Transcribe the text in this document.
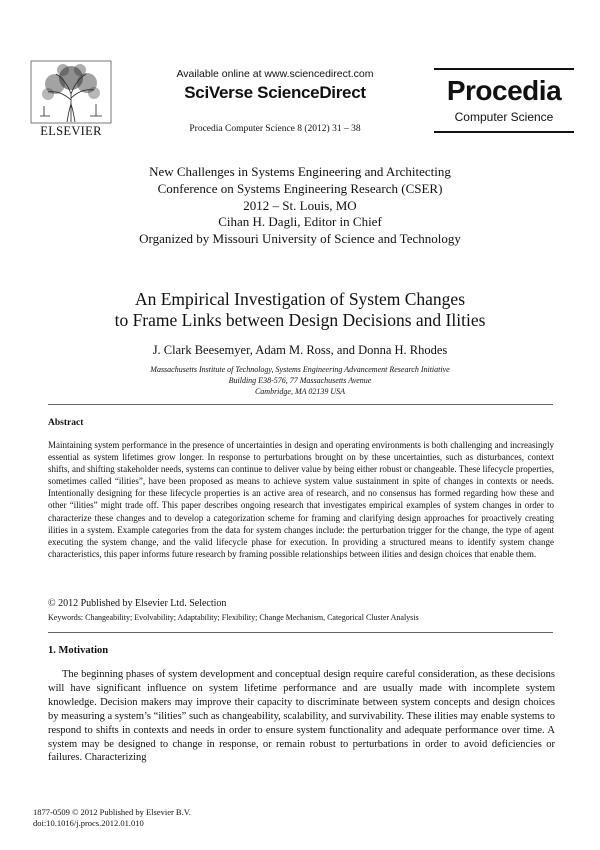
ELSEVIER
Available online at www.sciencedirect.com
SciVerse ScienceDirect
Procedia Computer Science 8 (2012) 31 – 38
Procedia
Computer Science
New Challenges in Systems Engineering and Architecting
Conference on Systems Engineering Research (CSER)
2012 – St. Louis, MO
Cihan H. Dagli, Editor in Chief
Organized by Missouri University of Science and Technology
An Empirical Investigation of System Changes
to Frame Links between Design Decisions and Ilities
J. Clark Beesemyer, Adam M. Ross, and Donna H. Rhodes
Massachusetts Institute of Technology, Systems Engineering Advancement Research Initiative
Building E38-576, 77 Massachusetts Avenue
Cambridge, MA 02139 USA
Abstract
Maintaining system performance in the presence of uncertainties in design and operating environments is both challenging and increasingly essential as system lifetimes grow longer. In response to perturbations brought on by these uncertainties, such as disturbances, context shifts, and shifting stakeholder needs, systems can continue to deliver value by being either robust or changeable. These lifecycle properties, sometimes called “ilities”, have been proposed as means to achieve system value sustainment in spite of changes in contexts or needs. Intentionally designing for these lifecycle properties is an active area of research, and no consensus has formed regarding how these and other “ilities” might trade off. This paper describes ongoing research that investigates empirical examples of system changes in order to characterize these changes and to develop a categorization scheme for framing and clarifying design approaches for proactively creating ilities in a system. Example categories from the data for system changes include: the perturbation trigger for the change, the type of agent executing the system change, and the valid lifecycle phase for execution. In providing a structured means to identify system change characteristics, this paper informs future research by framing possible relationships between ilities and design choices that enable them.
© 2012 Published by Elsevier Ltd. Selection
Keywords: Changeability; Evolvability; Adaptability; Flexibility; Change Mechanism, Categorical Cluster Analysis
1. Motivation

The beginning phases of system development and conceptual design require careful consideration, as these decisions will have significant influence on system lifetime performance and are usually made with incomplete system knowledge. Decision makers may improve their capacity to discriminate between system concepts and design choices by measuring a system’s “ilities” such as changeability, scalability, and survivability. These ilities may enable systems to respond to shifts in contexts and needs in order to ensure system functionality and adequate performance over time. A system may be designed to change in response, or remain robust to perturbations in order to avoid deficiencies or failures. Characterizing

1877-0509 © 2012 Published by Elsevier B.V.
doi:10.1016/j.procs.2012.01.010
